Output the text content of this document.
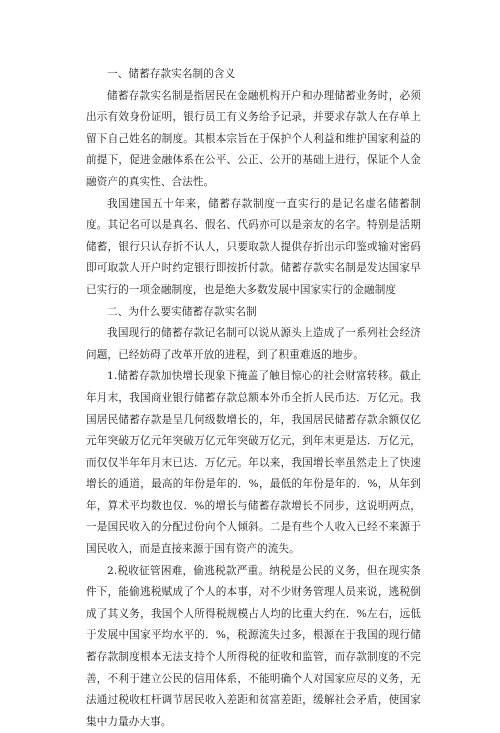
一、储蓄存款实名制的含义

储蓄存款实名制是指居民在金融机构开户和办理储蓄业务时，必须出示有效身份证明，银行员工有义务给予记录，并要求存款人在存单上留下自己姓名的制度。其根本宗旨在于保护个人利益和维护国家利益的前提下，促进金融体系在公平、公正、公开的基础上进行，保证个人金融资产的真实性、合法性。

我国建国五十年来，储蓄存款制度一直实行的是记名虚名储蓄制度。其记名可以是真名、假名、代码亦可以是亲友的名字。特别是活期储蓄，银行只认存折不认人，只要取款人提供存折出示印鉴或输对密码即可取款人开户时约定银行即按折付款。储蓄存款实名制是发达国家早已实行的一项金融制度，也是绝大多数发展中国家实行的金融制度

二、为什么要实储蓄存款实名制

我国现行的储蓄存款记名制可以说从源头上造成了一系列社会经济问题，已经妨碍了改革开放的进程，到了积重难返的地步。

1.储蓄存款加快增长现象下掩盖了触目惊心的社会财富转移。截止年月末，我国商业银行储蓄存款总额本外币全折人民币达．万亿元。我国居民储蓄存款是呈几何级数增长的，年，我国居民储蓄存款余额仅亿元年突破万亿元年突破万亿元年突破万亿元，到年末更是达．万亿元，而仅仅半年年月末已达．万亿元。年以来，我国增长率虽然走上了快速增长的通道，最高的年份是年的．%，最低的年份是年的．%，从年到年，算术平均数也仅．%的增长与储蓄存款增长不同步，这说明两点，一是国民收入的分配过份向个人倾斜。二是有些个人收入已经不来源于国民收入，而是直接来源于国有资产的流失。

2.税收征管困难，偷逃税款严重。纳税是公民的义务，但在现实条件下，能偷逃税赋成了个人的本事，对不少财务管理人员来说，逃税倒成了其义务，我国个人所得税规模占人均的比重大约在．%左右，远低于发展中国家平均水平的．%，税源流失过多，根源在于我国的现行储蓄存款制度根本无法支持个人所得税的征收和监管，而存款制度的不完善，不利于建立公民的信用体系，不能明确个人对国家应尽的义务，无法通过税收杠杆调节居民收入差距和贫富差距，缓解社会矛盾，使国家集中力量办大事。
